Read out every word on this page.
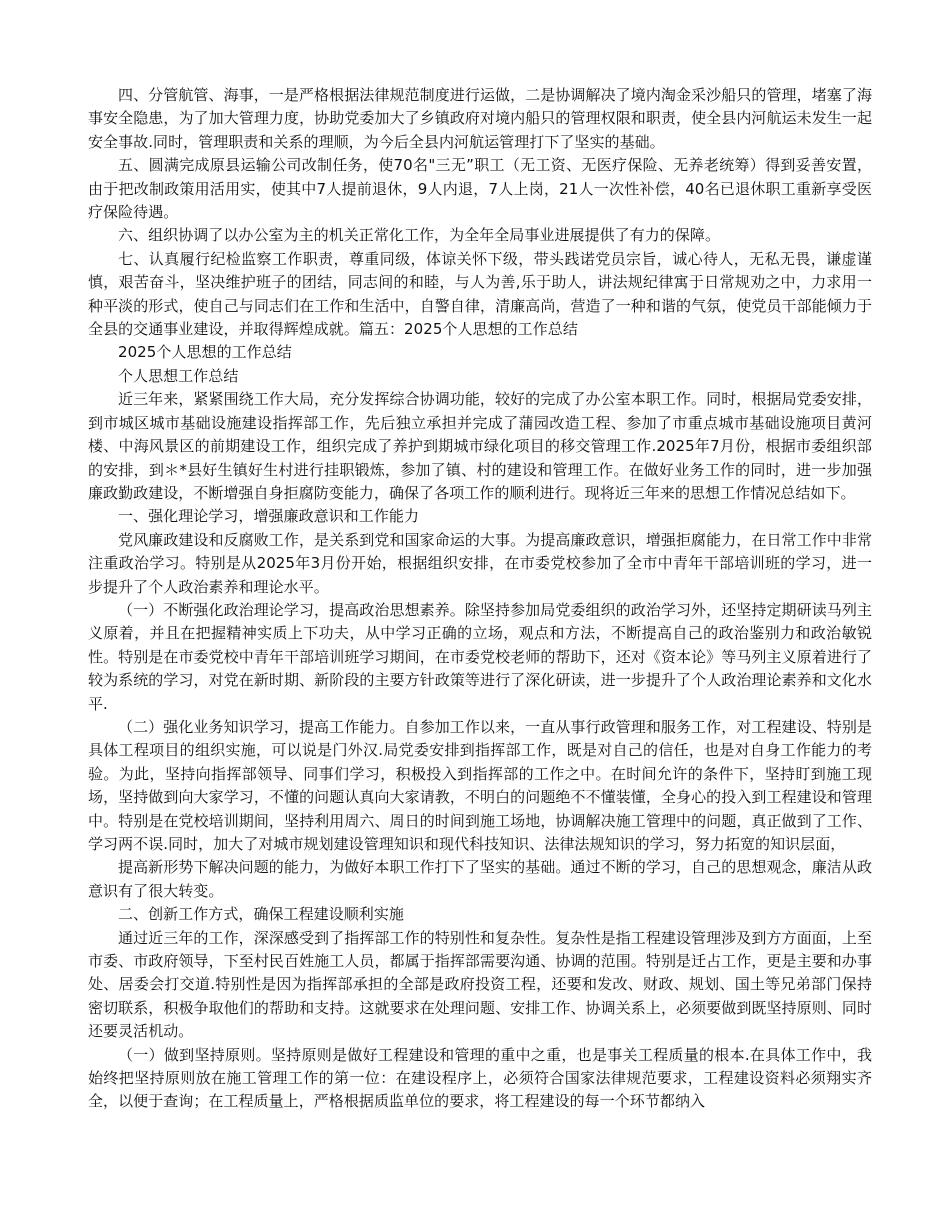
四、分管航管、海事，一是严格根据法律规范制度进行运做，二是协调解决了境内淘金采沙船只的管理，堵塞了海事安全隐患，为了加大管理力度，协助党委加大了乡镇政府对境内船只的管理权限和职责，使全县内河航运未发生一起安全事故.同时，管理职责和关系的理顺，为今后全县内河航运管理打下了坚实的基础。

五、圆满完成原县运输公司改制任务，使70名"三无”职工（无工资、无医疗保险、无养老统筹）得到妥善安置，由于把改制政策用活用实，使其中7人提前退休，9人内退，7人上岗，21人一次性补偿，40名已退休职工重新享受医疗保险待遇。

六、组织协调了以办公室为主的机关正常化工作，为全年全局事业进展提供了有力的保障。

七、认真履行纪检监察工作职责，尊重同级，体谅关怀下级，带头践诺党员宗旨，诚心待人，无私无畏，谦虚谨慎，艰苦奋斗，坚决维护班子的团结，同志间的和睦，与人为善,乐于助人，讲法规纪律寓于日常规劝之中，力求用一种平淡的形式，使自己与同志们在工作和生活中，自警自律，清廉高尚，营造了一种和谐的气氛，使党员干部能倾力于全县的交通事业建设，并取得辉煌成就。篇五：2025个人思想的工作总结

2025个人思想的工作总结

个人思想工作总结

近三年来，紧紧围绕工作大局，充分发挥综合协调功能，较好的完成了办公室本职工作。同时，根据局党委安排，到市城区城市基础设施建设指挥部工作，先后独立承担并完成了蒲园改造工程、参加了市重点城市基础设施项目黄河楼、中海风景区的前期建设工作，组织完成了养护到期城市绿化项目的移交管理工作.2025年7月份，根据市委组织部的安排，到＊*县好生镇好生村进行挂职锻炼，参加了镇、村的建设和管理工作。在做好业务工作的同时，进一步加强廉政勤政建设，不断增强自身拒腐防变能力，确保了各项工作的顺利进行。现将近三年来的思想工作情况总结如下。

一、强化理论学习，增强廉政意识和工作能力

党风廉政建设和反腐败工作，是关系到党和国家命运的大事。为提高廉政意识，增强拒腐能力，在日常工作中非常注重政治学习。特别是从2025年3月份开始，根据组织安排，在市委党校参加了全市中青年干部培训班的学习，进一步提升了个人政治素养和理论水平。

（一）不断强化政治理论学习，提高政治思想素养。除坚持参加局党委组织的政治学习外，还坚持定期研读马列主义原着，并且在把握精神实质上下功夫，从中学习正确的立场，观点和方法，不断提高自己的政治鉴别力和政治敏锐性。特别是在市委党校中青年干部培训班学习期间，在市委党校老师的帮助下，还对《资本论》等马列主义原着进行了较为系统的学习，对党在新时期、新阶段的主要方针政策等进行了深化研读，进一步提升了个人政治理论素养和文化水平.

（二）强化业务知识学习，提高工作能力。自参加工作以来，一直从事行政管理和服务工作，对工程建设、特别是具体工程项目的组织实施，可以说是门外汉.局党委安排到指挥部工作，既是对自己的信任，也是对自身工作能力的考验。为此，坚持向指挥部领导、同事们学习，积极投入到指挥部的工作之中。在时间允许的条件下，坚持盯到施工现场，坚持做到向大家学习，不懂的问题认真向大家请教，不明白的问题绝不不懂装懂，全身心的投入到工程建设和管理中。特别是在党校培训期间，坚持利用周六、周日的时间到施工场地，协调解决施工管理中的问题，真正做到了工作、学习两不误.同时，加大了对城市规划建设管理知识和现代科技知识、法律法规知识的学习，努力拓宽的知识层面，

提高新形势下解决问题的能力，为做好本职工作打下了坚实的基础。通过不断的学习，自己的思想观念，廉洁从政意识有了很大转变。

二、创新工作方式，确保工程建设顺利实施

通过近三年的工作，深深感受到了指挥部工作的特别性和复杂性。复杂性是指工程建设管理涉及到方方面面，上至市委、市政府领导，下至村民百姓施工人员，都属于指挥部需要沟通、协调的范围。特别是迁占工作，更是主要和办事处、居委会打交道.特别性是因为指挥部承担的全部是政府投资工程，还要和发改、财政、规划、国土等兄弟部门保持密切联系，积极争取他们的帮助和支持。这就要求在处理问题、安排工作、协调关系上，必须要做到既坚持原则、同时还要灵活机动。

（一）做到坚持原则。坚持原则是做好工程建设和管理的重中之重，也是事关工程质量的根本.在具体工作中，我始终把坚持原则放在施工管理工作的第一位：在建设程序上，必须符合国家法律规范要求，工程建设资料必须翔实齐全，以便于查询；在工程质量上，严格根据质监单位的要求，将工程建设的每一个环节都纳入
